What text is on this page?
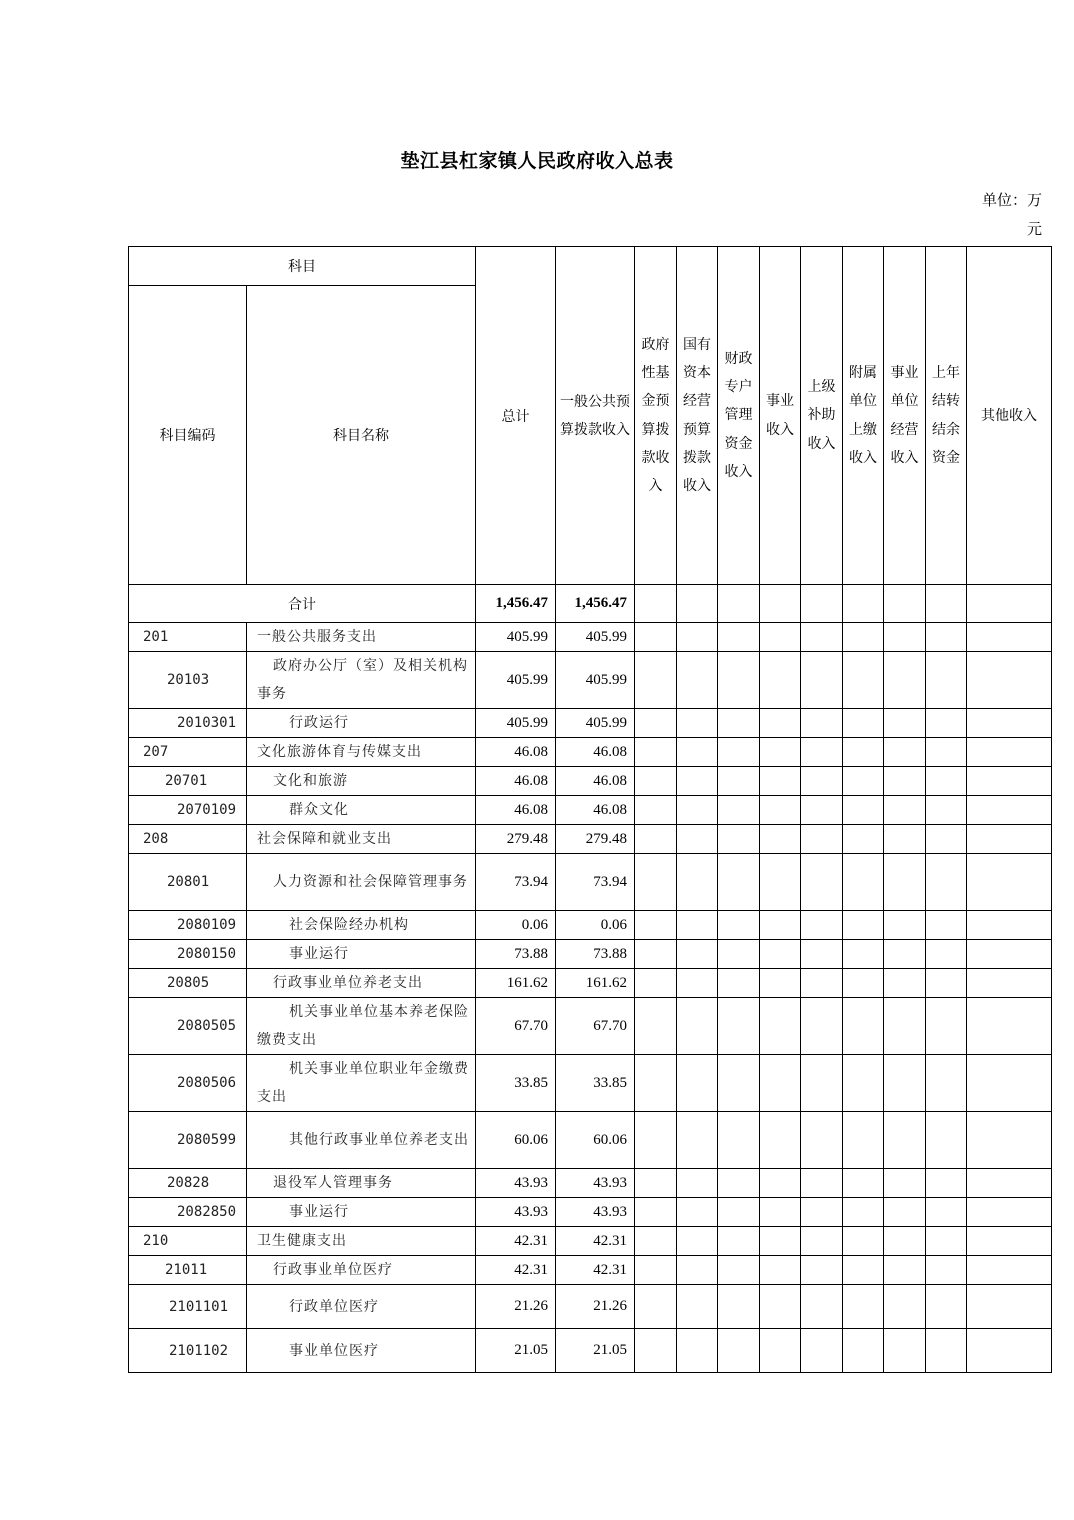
垫江县杠家镇人民政府收入总表
单位：万
元
科目		总计	一般公共预算拨款收入	政府性基金预算拨款收入	国有资本经营预算拨款收入	财政专户管理资金收入	事业收入	上级补助收入	附属单位上缴收入	事业单位经营收入	上年结转结余资金	其他收入
科目编码	科目名称											
合计		1,456.47	1,456.47									
201	一般公共服务支出	405.99	405.99									
20103	政府办公厅（室）及相关机构事务	405.99	405.99									
2010301	行政运行	405.99	405.99									
207	文化旅游体育与传媒支出	46.08	46.08									
20701	文化和旅游	46.08	46.08									
2070109	群众文化	46.08	46.08									
208	社会保障和就业支出	279.48	279.48									
20801	人力资源和社会保障管理事务	73.94	73.94									
2080109	社会保险经办机构	0.06	0.06									
2080150	事业运行	73.88	73.88									
20805	行政事业单位养老支出	161.62	161.62									
2080505	机关事业单位基本养老保险缴费支出	67.70	67.70									
2080506	机关事业单位职业年金缴费支出	33.85	33.85									
2080599	其他行政事业单位养老支出	60.06	60.06									
20828	退役军人管理事务	43.93	43.93									
2082850	事业运行	43.93	43.93									
210	卫生健康支出	42.31	42.31									
21011	行政事业单位医疗	42.31	42.31									
2101101	行政单位医疗	21.26	21.26									
2101102	事业单位医疗	21.05	21.05									
